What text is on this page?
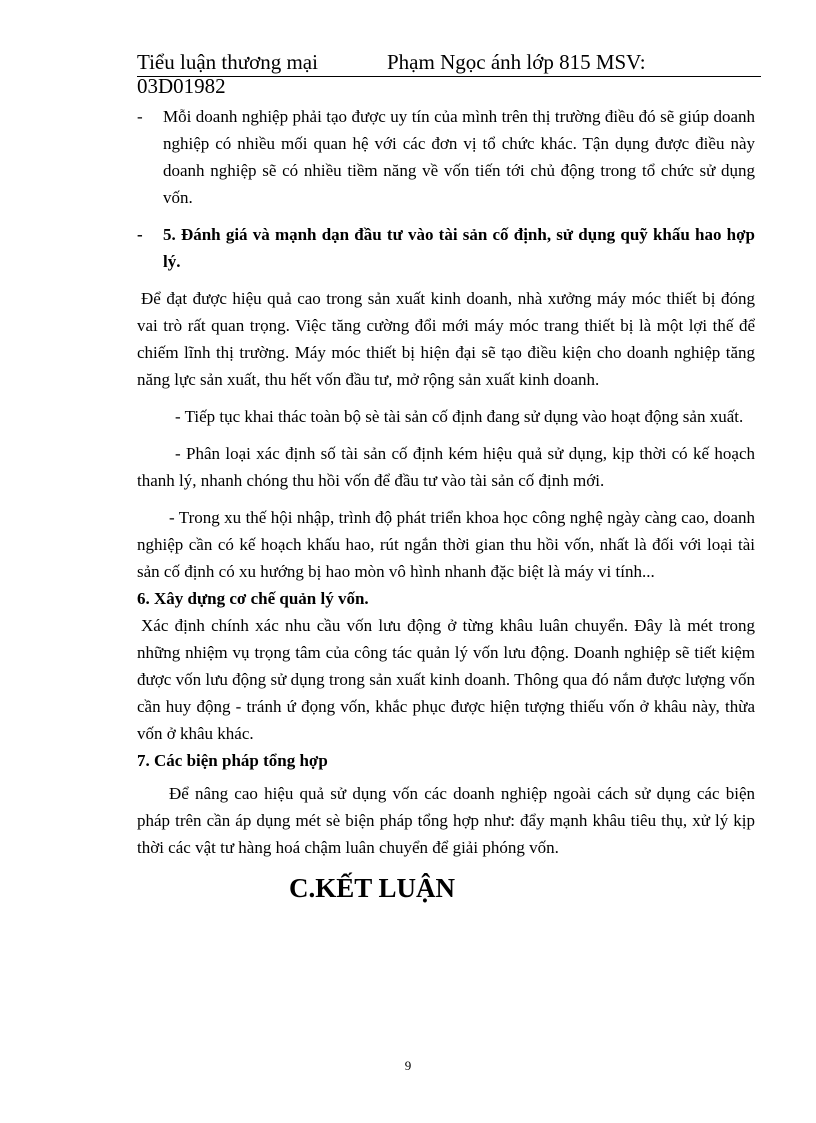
Tiểu luận thương mại	Phạm Ngọc ánh lớp 815 MSV:
03D01982
- Mỗi doanh nghiệp phải tạo được uy tín của mình trên thị trường điều đó sẽ giúp doanh nghiệp có nhiều mối quan hệ với các đơn vị tổ chức khác. Tận dụng được điều này doanh nghiệp sẽ có nhiều tiềm năng về vốn tiến tới chủ động trong tổ chức sử dụng vốn.
- 5. Đánh giá và mạnh dạn đầu tư vào tài sản cố định, sử dụng quỹ khấu hao hợp lý.

Để đạt được hiệu quả cao trong sản xuất kinh doanh, nhà xưởng máy móc thiết bị đóng vai trò rất quan trọng. Việc tăng cường đổi mới máy móc trang thiết bị là một lợi thế để chiếm lĩnh thị trường. Máy móc thiết bị hiện đại sẽ tạo điều kiện cho doanh nghiệp tăng năng lực sản xuất, thu hết vốn đầu tư, mở rộng sản xuất kinh doanh.

- Tiếp tục khai thác toàn bộ sè tài sản cố định đang sử dụng vào hoạt động sản xuất.

- Phân loại xác định số tài sản cố định kém hiệu quả sử dụng, kịp thời có kế hoạch thanh lý, nhanh chóng thu hồi vốn để đầu tư vào tài sản cố định mới.

- Trong xu thế hội nhập, trình độ phát triển khoa học công nghệ ngày càng cao, doanh nghiệp cần có kế hoạch khấu hao, rút ngắn thời gian thu hồi vốn, nhất là đối với loại tài sản cố định có xu hướng bị hao mòn vô hình nhanh đặc biệt là máy vi tính...

6. Xây dựng cơ chế quản lý vốn.

Xác định chính xác nhu cầu vốn lưu động ở từng khâu luân chuyển. Đây là mét trong những nhiệm vụ trọng tâm của công tác quản lý vốn lưu động. Doanh nghiệp sẽ tiết kiệm được vốn lưu động sử dụng trong sản xuất kinh doanh. Thông qua đó nắm được lượng vốn cần huy động - tránh ứ đọng vốn, khắc phục được hiện tượng thiếu vốn ở khâu này, thừa vốn ở khâu khác.

7. Các biện pháp tổng hợp

Để nâng cao hiệu quả sử dụng vốn các doanh nghiệp ngoài cách sử dụng các biện pháp trên cần áp dụng mét sè biện pháp tổng hợp như: đẩy mạnh khâu tiêu thụ, xử lý kịp thời các vật tư hàng hoá chậm luân chuyển để giải phóng vốn.

C.KẾT LUẬN
9
